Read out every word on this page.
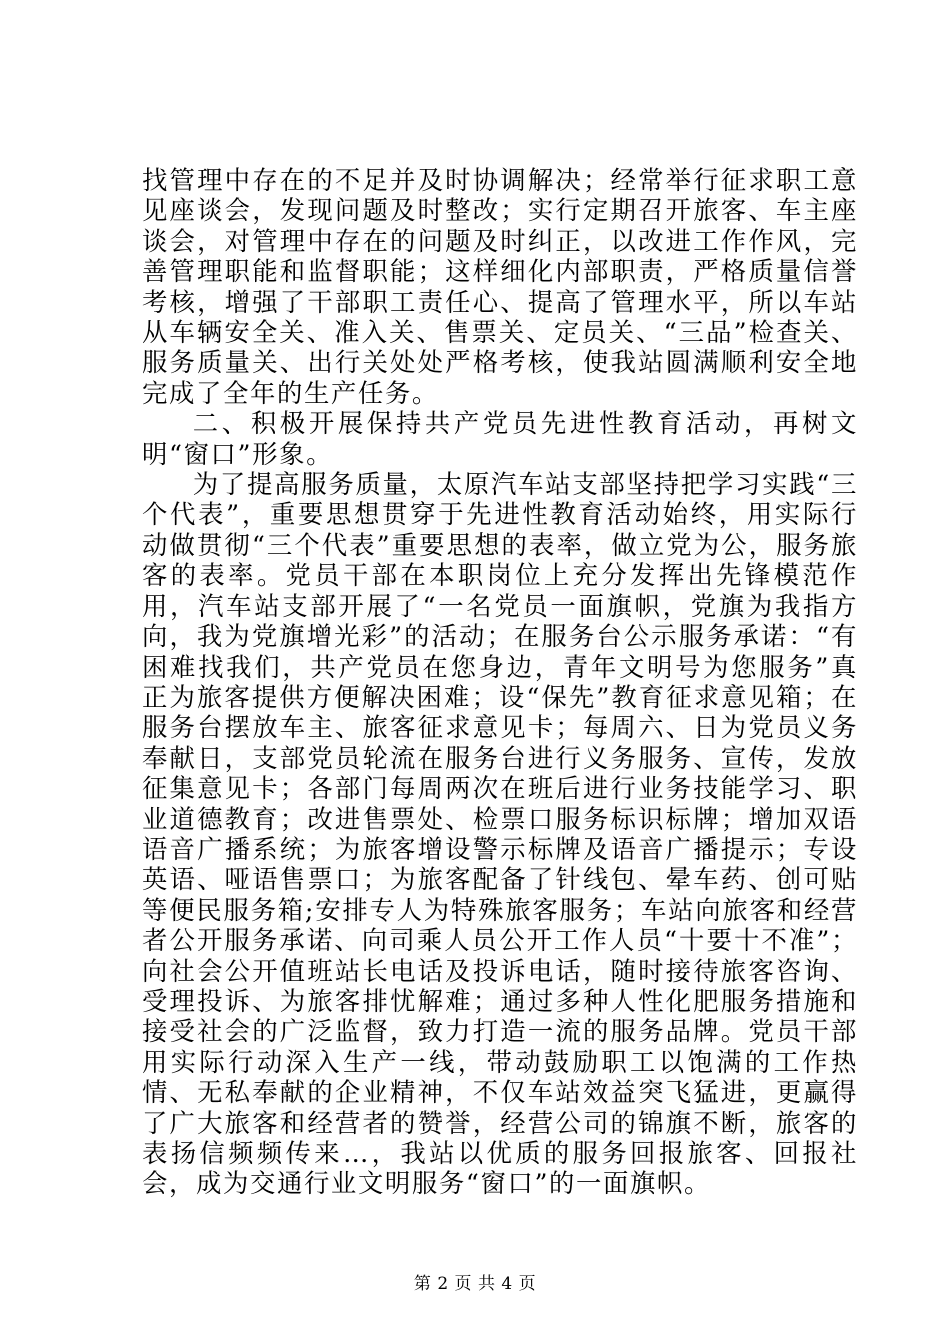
找管理中存在的不足并及时协调解决；经常举行征求职工意见座谈会，发现问题及时整改；实行定期召开旅客、车主座谈会，对管理中存在的问题及时纠正，以改进工作作风，完善管理职能和监督职能；这样细化内部职责，严格质量信誉考核，增强了干部职工责任心、提高了管理水平，所以车站从车辆安全关、准入关、售票关、定员关、“三品”检查关、服务质量关、出行关处处严格考核，使我站圆满顺利安全地完成了全年的生产任务。

二、积极开展保持共产党员先进性教育活动，再树文明“窗口”形象。

为了提高服务质量，太原汽车站支部坚持把学习实践“三个代表”，重要思想贯穿于先进性教育活动始终，用实际行动做贯彻“三个代表”重要思想的表率，做立党为公，服务旅客的表率。党员干部在本职岗位上充分发挥出先锋模范作用，汽车站支部开展了“一名党员一面旗帜，党旗为我指方向，我为党旗增光彩”的活动；在服务台公示服务承诺：“有困难找我们，共产党员在您身边，青年文明号为您服务”真正为旅客提供方便解决困难；设“保先”教育征求意见箱；在服务台摆放车主、旅客征求意见卡；每周六、日为党员义务奉献日，支部党员轮流在服务台进行义务服务、宣传，发放征集意见卡；各部门每周两次在班后进行业务技能学习、职业道德教育；改进售票处、检票口服务标识标牌；增加双语语音广播系统；为旅客增设警示标牌及语音广播提示；专设英语、哑语售票口；为旅客配备了针线包、晕车药、创可贴等便民服务箱;安排专人为特殊旅客服务；车站向旅客和经营者公开服务承诺、向司乘人员公开工作人员“十要十不准”；向社会公开值班站长电话及投诉电话，随时接待旅客咨询、受理投诉、为旅客排忧解难；通过多种人性化肥服务措施和接受社会的广泛监督，致力打造一流的服务品牌。党员干部用实际行动深入生产一线，带动鼓励职工以饱满的工作热情、无私奉献的企业精神，不仅车站效益突飞猛进，更赢得了广大旅客和经营者的赞誉，经营公司的锦旗不断，旅客的表扬信频频传来…，我站以优质的服务回报旅客、回报社会，成为交通行业文明服务“窗口”的一面旗帜。

第 2 页 共 4 页
